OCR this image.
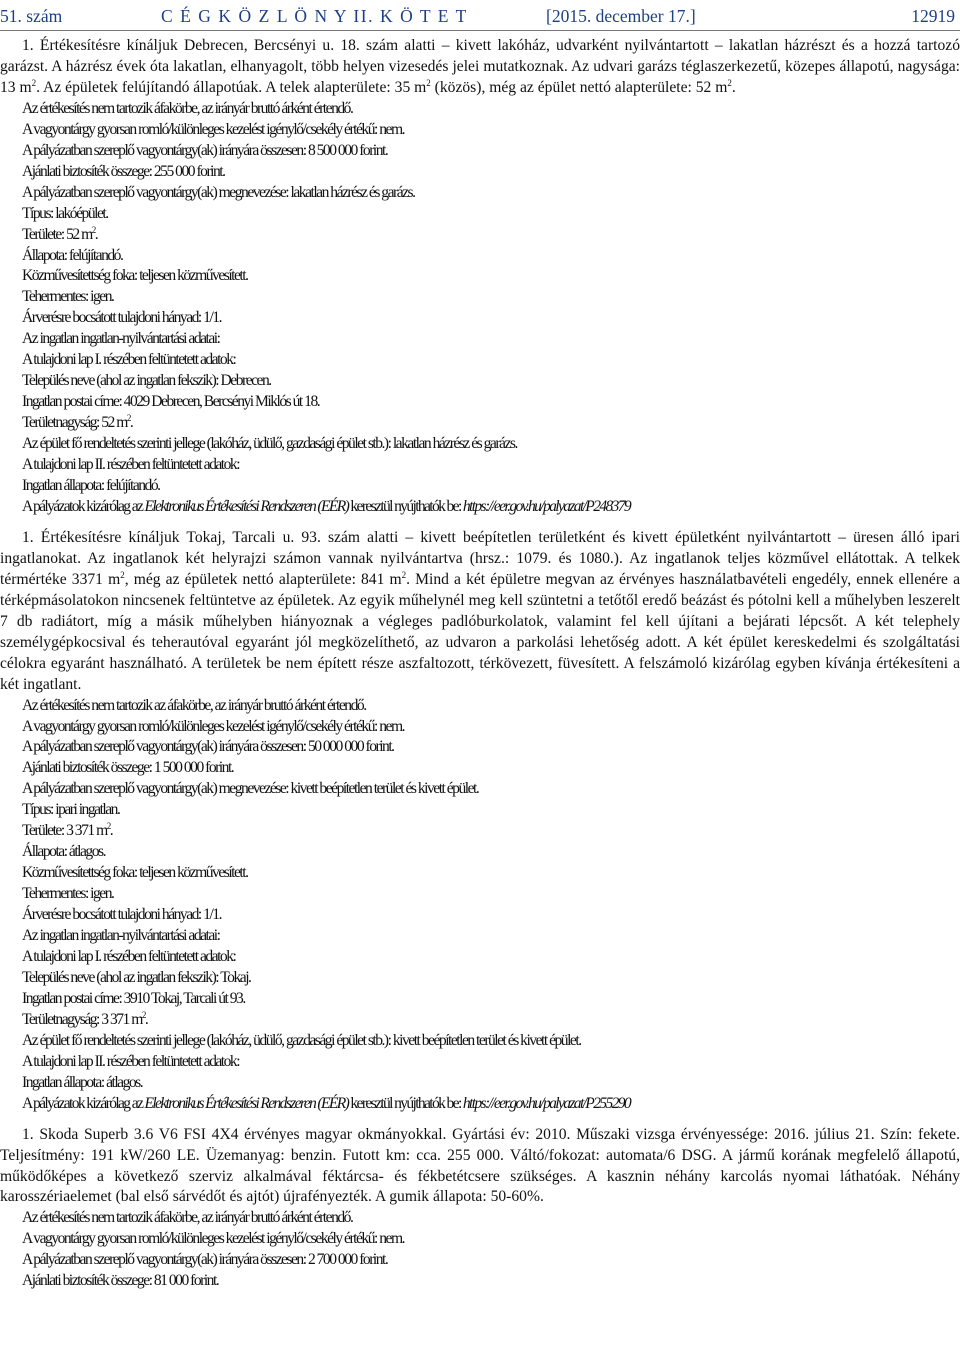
51. szám	C É G K Ö Z L Ö N Y II. K Ö T E T	[2015. december 17.]	12919

1. Értékesítésre kínáljuk Debrecen, Bercsényi u. 18. szám alatti – kivett lakóház, udvarként nyilvántartott – lakatlan házrészt és a hozzá tartozó garázst. A házrész évek óta lakatlan, elhanyagolt, több helyen vizesedés jelei mutatkoznak. Az udvari garázs téglaszerkezetű, közepes állapotú, nagysága: 13 $m^2$. Az épületek felújítandó állapotúak. A telek alapterülete: 35 $m^2$ (közös), még az épület nettó alapterülete: 52 $m^2$.

Az értékesítés nem tartozik áfakörbe, az irányár bruttó árként értendő.

A vagyontárgy gyorsan romló/különleges kezelést igénylő/csekély értékű: nem.

A pályázatban szereplő vagyontárgy(ak) irányára összesen: 8 500 000 forint.

Ajánlati biztosíték összege: 255 000 forint.

A pályázatban szereplő vagyontárgy(ak) megnevezése: lakatlan házrész és garázs.

Típus: lakóépület.

Területe: 52 $m^2$.

Állapota: felújítandó.

Közművesítettség foka: teljesen közművesített.

Tehermentes: igen.

Árverésre bocsátott tulajdoni hányad: 1/1.

Az ingatlan ingatlan-nyilvántartási adatai:

A tulajdoni lap I. részében feltüntetett adatok:

Település neve (ahol az ingatlan fekszik): Debrecen.

Ingatlan postai címe: 4029 Debrecen, Bercsényi Miklós út 18.

Területnagyság: 52 $m^2$.

Az épület fő rendeltetés szerinti jellege (lakóház, üdülő, gazdasági épület stb.): lakatlan házrész és garázs.

A tulajdoni lap II. részében feltüntetett adatok:

Ingatlan állapota: felújítandó.

A pályázatok kizárólag az Elektronikus Értékesítési Rendszeren (EÉR) keresztül nyújthatók be: https://eer.gov.hu/palyazat/P248379

1. Értékesítésre kínáljuk Tokaj, Tarcali u. 93. szám alatti – kivett beépítetlen területként és kivett épületként nyilvántartott – üresen álló ipari ingatlanokat. Az ingatlanok két helyrajzi számon vannak nyilvántartva (hrsz.: 1079. és 1080.). Az ingatlanok teljes közművel ellátottak. A telkek térmértéke 3371 $m^2$, még az épületek nettó alapterülete: 841 $m^2$. Mind a két épületre megvan az érvényes használatbavételi engedély, ennek ellenére a térképmásolatokon nincsenek feltüntetve az épületek. Az egyik műhelynél meg kell szüntetni a tetőtől eredő beázást és pótolni kell a műhelyben leszerelt 7 db radiátort, míg a másik műhelyben hiányoznak a végleges padlóburkolatok, valamint fel kell újítani a bejárati lépcsőt. A két telephely személygépkocsival és teherautóval egyaránt jól megközelíthető, az udvaron a parkolási lehetőség adott. A két épület kereskedelmi és szolgáltatási célokra egyaránt használható. A területek be nem épített része aszfaltozott, térkövezett, füvesített. A felszámoló kizárólag egyben kívánja értékesíteni a két ingatlant.

Az értékesítés nem tartozik az áfakörbe, az irányár bruttó árként értendő.

A vagyontárgy gyorsan romló/különleges kezelést igénylő/csekély értékű: nem.

A pályázatban szereplő vagyontárgy(ak) irányára összesen: 50 000 000 forint.

Ajánlati biztosíték összege: 1 500 000 forint.

A pályázatban szereplő vagyontárgy(ak) megnevezése: kivett beépítetlen terület és kivett épület.

Típus: ipari ingatlan.

Területe: 3 371 $m^2$.

Állapota: átlagos.

Közművesítettség foka: teljesen közművesített.

Tehermentes: igen.

Árverésre bocsátott tulajdoni hányad: 1/1.

Az ingatlan ingatlan-nyilvántartási adatai:

A tulajdoni lap I. részében feltüntetett adatok:

Település neve (ahol az ingatlan fekszik): Tokaj.

Ingatlan postai címe: 3910 Tokaj, Tarcali út 93.

Területnagyság: 3 371 $m^2$.

Az épület fő rendeltetés szerinti jellege (lakóház, üdülő, gazdasági épület stb.): kivett beépítetlen terület és kivett épület.

A tulajdoni lap II. részében feltüntetett adatok:

Ingatlan állapota: átlagos.

A pályázatok kizárólag az Elektronikus Értékesítési Rendszeren (EÉR) keresztül nyújthatók be: https://eer.gov.hu/palyazat/P255290

1. Skoda Superb 3.6 V6 FSI 4X4 érvényes magyar okmányokkal. Gyártási év: 2010. Műszaki vizsga érvényessége: 2016. július 21. Szín: fekete. Teljesítmény: 191 kW/260 LE. Üzemanyag: benzin. Futott km: cca. 255 000. Váltó/fokozat: automata/6 DSG. A jármű korának megfelelő állapotú, működőképes a következő szerviz alkalmával féktárcsa- és fékbetétcsere szükséges. A kasznin néhány karcolás nyomai láthatóak. Néhány karosszériaelemet (bal első sárvédőt és ajtót) újrafényezték. A gumik állapota: 50-60%.

Az értékesítés nem tartozik áfakörbe, az irányár bruttó árként értendő.

A vagyontárgy gyorsan romló/különleges kezelést igénylő/csekély értékű: nem.

A pályázatban szereplő vagyontárgy(ak) irányára összesen: 2 700 000 forint.

Ajánlati biztosíték összege: 81 000 forint.
